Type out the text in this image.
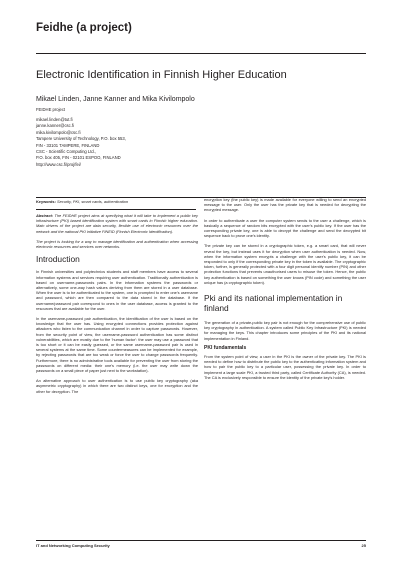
Feidhe (a project)
Electronic Identification in Finnish Higher Education
Mikael Linden, Janne Kanner and Mika Kivilompolo
FEIDHE project
mikael.linden@tut.fi
janne.kanner@csc.fi
mika.kivilompolo@csc.fi
Tampere University of Technology, P.O. box 553,
FIN - 33101 TAMPERE, FINLAND
CSC - Scientific Computing Ltd.,
P.O. box 405, FIN - 02101 ESPOO, FINLAND
http://www.csc.fi/proj/fei/
Keywords: Security, PKI, smart cards, authentication

Abstract: The FEIDHE project aims at specifying what it will take to implement a public key infrastructure (PKI) based identification system with smart cards in Finnish higher education. Main drivers of the project are data security, flexible use of electronic resources over the network and the national PKI initiative FINEID (Finnish Electronic Identification).

The project is looking for a way to manage identification and authentication when accessing electronic resources and services over networks.

Introduction

In Finnish universities and polytechnics students and staff members have access to several information systems and services requiring user authentication. Traditionally authentication is based on username-passwords pairs. In the information systems the passwords or alternatively, some one-way hash values deriving from them are stored in a user database. When the user is to be authenticated to the system, one is prompted to enter one's username and password, which are then compared to the data stored in the database. If the username/password pair correspond to ones in the user database, access is granted to the resources that are available for the user.

In the username-password pair authentication, the identification of the user is based on the knowledge that the user has. Using encrypted connections provides protection against attackers who listen to the communication channel in order to capture passwords. However, from the security point of view, the username-password authentication has some distinct vulnerabilities, which are mostly due to the 'human factor': the user may use a password that is too short or it can be easily guessed, or the same username-password pair is used in several systems at the same time. Some countermeasures can be implemented for example, by rejecting passwords that are too weak or force the user to change passwords frequently. Furthermore, there is no administrative tools available for preventing the user from storing the passwords on different media: their one's memory (i.e. the user may write down the passwords on a small piece of paper just next to the workstation).

An alternative approach to user authentication is to use public key cryptography (aka asymmetric cryptography) in which there are two distinct keys, one for encryption and the other for decryption. The

encryption key (the public key) is made available for everyone willing to send an encrypted message to the user. Only the user has the private key that is needed for decrypting the encrypted message.

In order to authenticate a user the computer system sends to the user a challenge, which is basically a sequence of random bits encrypted with the user's public key. If the user has the corresponding private key, one is able to decrypt the challenge and send the decrypted bit sequence back to prove one's identity.

The private key can be stored in a cryptographic token, e.g. a smart card, that will never reveal the key, but instead uses it for decryption when user authentication is needed. Now, when the information system encrypts a challenge with the user's public key, it can be responded to only if the corresponding private key in the token is available. The cryptographic token, further, is generally protected with a four digit personal identify number (PIN) and other protection functions that prevents unauthorised users to misuse the token. Hence, the public key authentication is based on something the user knows (PIN code) and something the user unique has (a cryptographic token).

Pki and its national implementation in finland

The generation of a private-public key pair is not enough for the comprehensive use of public key cryptography in authentication. A system called Public Key Infrastructure (PKI) is needed for managing the keys. This chapter introduces some principles of the PKI and its national implementation in Finland.

PKI fundamentals

From the system point of view, a user in the PKI is the owner of the private key. The PKI is needed to define how to distribute the public key to the authenticating information system and how to pair the public key to a particular user, possessing the private key. In order to implement a large scale PKI, a trusted third party, called Certificate Authority (CA), is needed. The CA is exclusively responsible to ensure the identity of the private key's holder.

IT and Networking Computing Security	25
